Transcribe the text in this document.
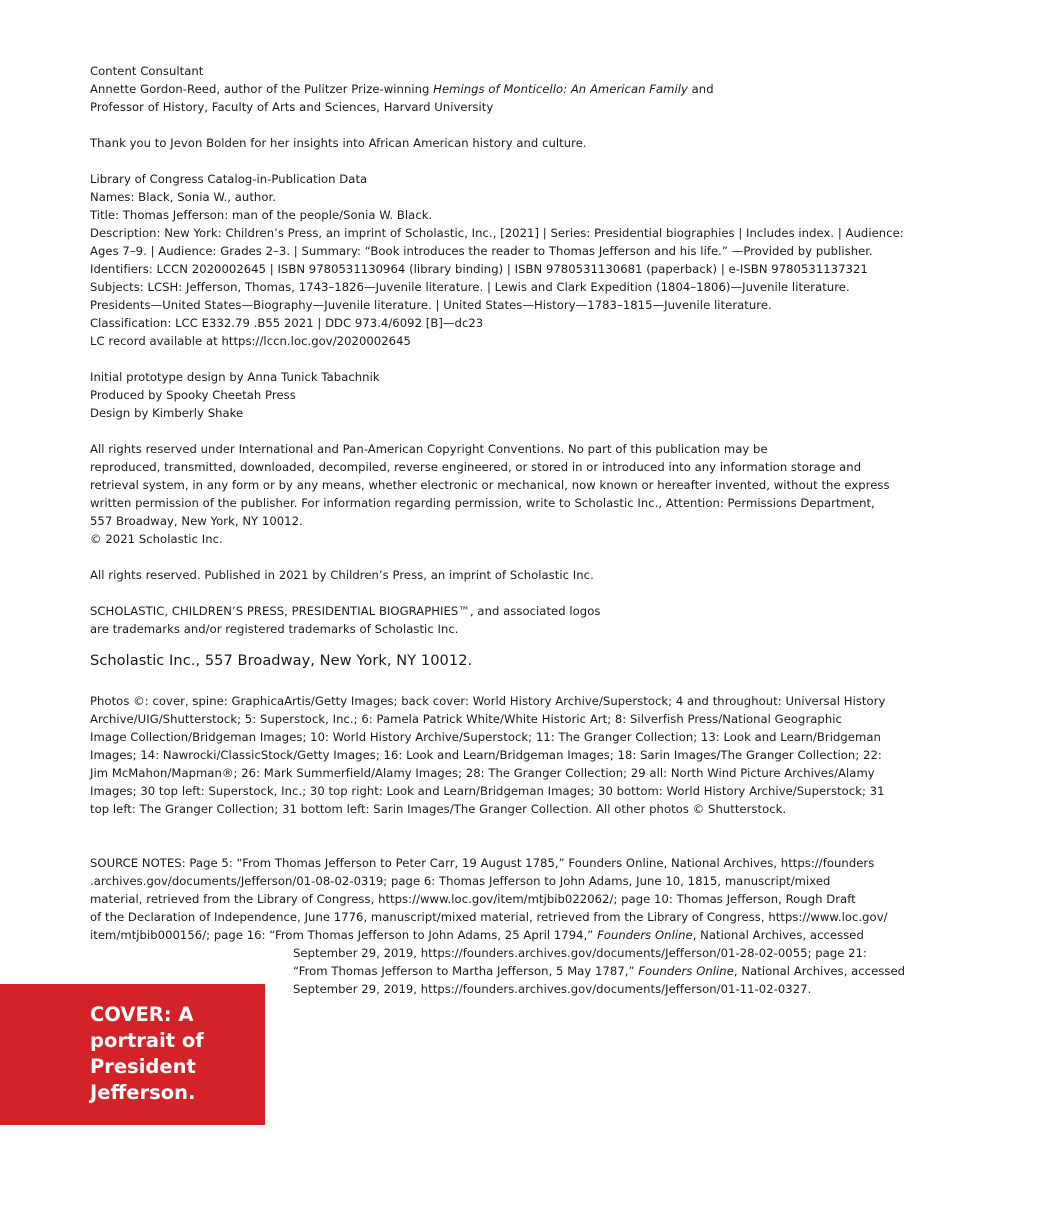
Content Consultant
Annette Gordon-Reed, author of the Pulitzer Prize-winning Hemings of Monticello: An American Family and
Professor of History, Faculty of Arts and Sciences, Harvard University
Thank you to Jevon Bolden for her insights into African American history and culture.
Library of Congress Catalog-in-Publication Data
Names: Black, Sonia W., author.
Title: Thomas Jefferson: man of the people/Sonia W. Black.
Description: New York: Children’s Press, an imprint of Scholastic, Inc., [2021] | Series: Presidential biographies | Includes index. | Audience:
Ages 7–9. | Audience: Grades 2–3. | Summary: “Book introduces the reader to Thomas Jefferson and his life.” —Provided by publisher.
Identifiers: LCCN 2020002645 | ISBN 9780531130964 (library binding) | ISBN 9780531130681 (paperback) | e-ISBN 9780531137321
Subjects: LCSH: Jefferson, Thomas, 1743–1826—Juvenile literature. | Lewis and Clark Expedition (1804–1806)—Juvenile literature.
Presidents—United States—Biography—Juvenile literature. | United States—History—1783–1815—Juvenile literature.
Classification: LCC E332.79 .B55 2021 | DDC 973.4/6092 [B]—dc23
LC record available at https://lccn.loc.gov/2020002645
Initial prototype design by Anna Tunick Tabachnik
Produced by Spooky Cheetah Press
Design by Kimberly Shake
All rights reserved under International and Pan-American Copyright Conventions. No part of this publication may be
reproduced, transmitted, downloaded, decompiled, reverse engineered, or stored in or introduced into any information storage and
retrieval system, in any form or by any means, whether electronic or mechanical, now known or hereafter invented, without the express
written permission of the publisher. For information regarding permission, write to Scholastic Inc., Attention: Permissions Department,
557 Broadway, New York, NY 10012.
© 2021 Scholastic Inc.
All rights reserved. Published in 2021 by Children’s Press, an imprint of Scholastic Inc.
SCHOLASTIC, CHILDREN’S PRESS, PRESIDENTIAL BIOGRAPHIES™, and associated logos
are trademarks and/or registered trademarks of Scholastic Inc.
Scholastic Inc., 557 Broadway, New York, NY 10012.
Photos ©: cover, spine: GraphicaArtis/Getty Images; back cover: World History Archive/Superstock; 4 and throughout: Universal History
Archive/UIG/Shutterstock; 5: Superstock, Inc.; 6: Pamela Patrick White/White Historic Art; 8: Silverfish Press/National Geographic
Image Collection/Bridgeman Images; 10: World History Archive/Superstock; 11: The Granger Collection; 13: Look and Learn/Bridgeman
Images; 14: Nawrocki/ClassicStock/Getty Images; 16: Look and Learn/Bridgeman Images; 18: Sarin Images/The Granger Collection; 22:
Jim McMahon/Mapman®; 26: Mark Summerfield/Alamy Images; 28: The Granger Collection; 29 all: North Wind Picture Archives/Alamy
Images; 30 top left: Superstock, Inc.; 30 top right: Look and Learn/Bridgeman Images; 30 bottom: World History Archive/Superstock; 31
top left: The Granger Collection; 31 bottom left: Sarin Images/The Granger Collection. All other photos © Shutterstock.
SOURCE NOTES: Page 5: “From Thomas Jefferson to Peter Carr, 19 August 1785,” Founders Online, National Archives, https://founders
.archives.gov/documents/Jefferson/01-08-02-0319; page 6: Thomas Jefferson to John Adams, June 10, 1815, manuscript/mixed
material, retrieved from the Library of Congress, https://www.loc.gov/item/mtjbib022062/; page 10: Thomas Jefferson, Rough Draft
of the Declaration of Independence, June 1776, manuscript/mixed material, retrieved from the Library of Congress, https://www.loc.gov/
item/mtjbib000156/; page 16: “From Thomas Jefferson to John Adams, 25 April 1794,” Founders Online, National Archives, accessed
September 29, 2019, https://founders.archives.gov/documents/Jefferson/01-28-02-0055; page 21:
“From Thomas Jefferson to Martha Jefferson, 5 May 1787,” Founders Online, National Archives, accessed
September 29, 2019, https://founders.archives.gov/documents/Jefferson/01-11-02-0327.
COVER: A portrait of President Jefferson.
